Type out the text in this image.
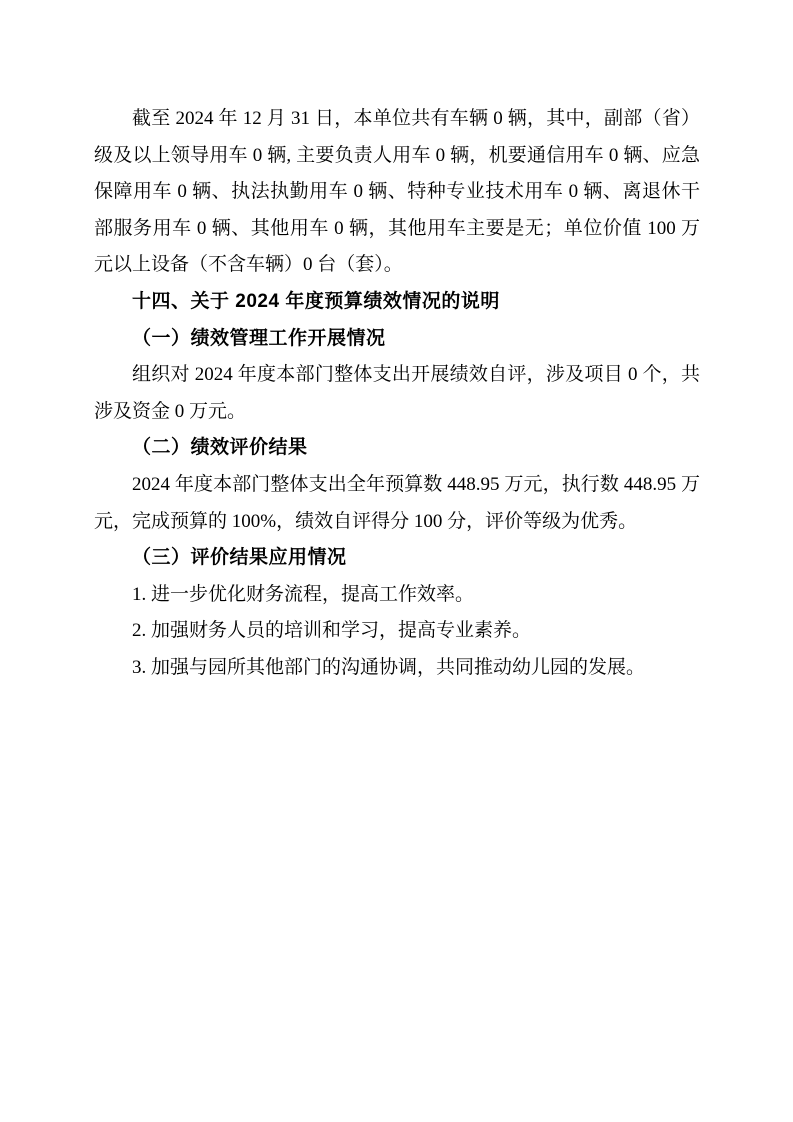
截至 2024 年 12 月 31 日，本单位共有车辆 0 辆，其中，副部（省）级及以上领导用车 0 辆, 主要负责人用车 0 辆，机要通信用车 0 辆、应急保障用车 0 辆、执法执勤用车 0 辆、特种专业技术用车 0 辆、离退休干部服务用车 0 辆、其他用车 0 辆，其他用车主要是无；单位价值 100 万元以上设备（不含车辆）0 台（套）。

十四、关于 2024 年度预算绩效情况的说明

（一）绩效管理工作开展情况

组织对 2024 年度本部门整体支出开展绩效自评，涉及项目 0 个，共涉及资金 0 万元。

（二）绩效评价结果

2024 年度本部门整体支出全年预算数 448.95 万元，执行数 448.95 万元，完成预算的 100%，绩效自评得分 100 分，评价等级为优秀。

（三）评价结果应用情况

1. 进一步优化财务流程，提高工作效率。

2. 加强财务人员的培训和学习，提高专业素养。

3. 加强与园所其他部门的沟通协调，共同推动幼儿园的发展。
